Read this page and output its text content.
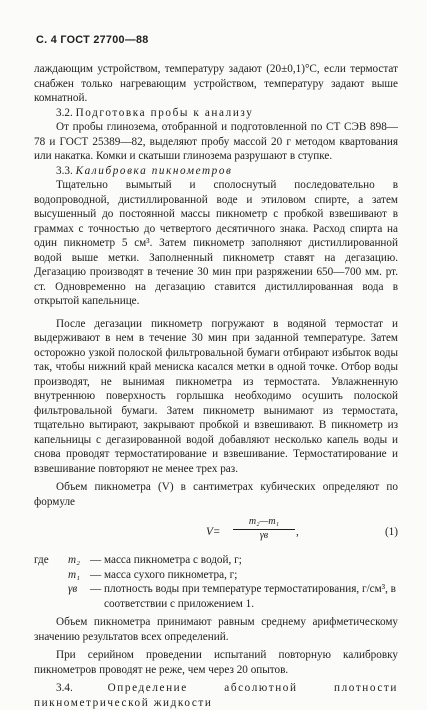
С. 4 ГОСТ 27700—88

лаждающим устройством, температуру задают (20±0,1)°С, если термостат снабжен только нагревающим устройством, температуру задают выше комнатной.

3.2. Подготовка пробы к анализу

От пробы глинозема, отобранной и подготовленной по СТ СЭВ 898—78 и ГОСТ 25389—82, выделяют пробу массой 20 г методом квартования или накатка. Комки и скатыши глинозема разрушают в ступке.

3.3. Калибровка пикнометров

Тщательно вымытый и сполоснутый последовательно в водопроводной, дистиллированной воде и этиловом спирте, а затем высушенный до постоянной массы пикнометр с пробкой взвешивают в граммах с точностью до четвертого десятичного знака. Расход спирта на один пикнометр 5 см³. Затем пикнометр заполняют дистиллированной водой выше метки. Заполненный пикнометр ставят на дегазацию. Дегазацию производят в течение 30 мин при разряжении 650—700 мм. рт. ст. Одновременно на дегазацию ставится дистиллированная вода в открытой капельнице.

После дегазации пикнометр погружают в водяной термостат и выдерживают в нем в течение 30 мин при заданной температуре. Затем осторожно узкой полоской фильтровальной бумаги отбирают избыток воды так, чтобы нижний край мениска касался метки в одной точке. Отбор воды производят, не вынимая пикнометра из термостата. Увлажненную внутреннюю поверхность горлышка необходимо осушить полоской фильтровальной бумаги. Затем пикнометр вынимают из термостата, тщательно вытирают, закрывают пробкой и взвешивают. В пикнометр из капельницы с дегазированной водой добавляют несколько капель воды и снова проводят термостатирование и взвешивание. Термостатирование и взвешивание повторяют не менее трех раз.

Объем пикнометра (V) в сантиметрах кубических определяют по формуле

V=
m₂—m₁
γв	,	(1)
где	m₂ — масса пикнометра с водой, г;
m₁ — масса сухого пикнометра, г;
γв	— плотность воды при температуре термостатирования, г/см³, в соответствии с приложением 1.

Объем пикнометра принимают равным среднему арифметическому значению результатов всех определений.

При серийном проведении испытаний повторную калибровку пикнометров проводят не реже, чем через 20 опытов.

3.4.	Определение абсолютной плотности пикнометрической жидкости
